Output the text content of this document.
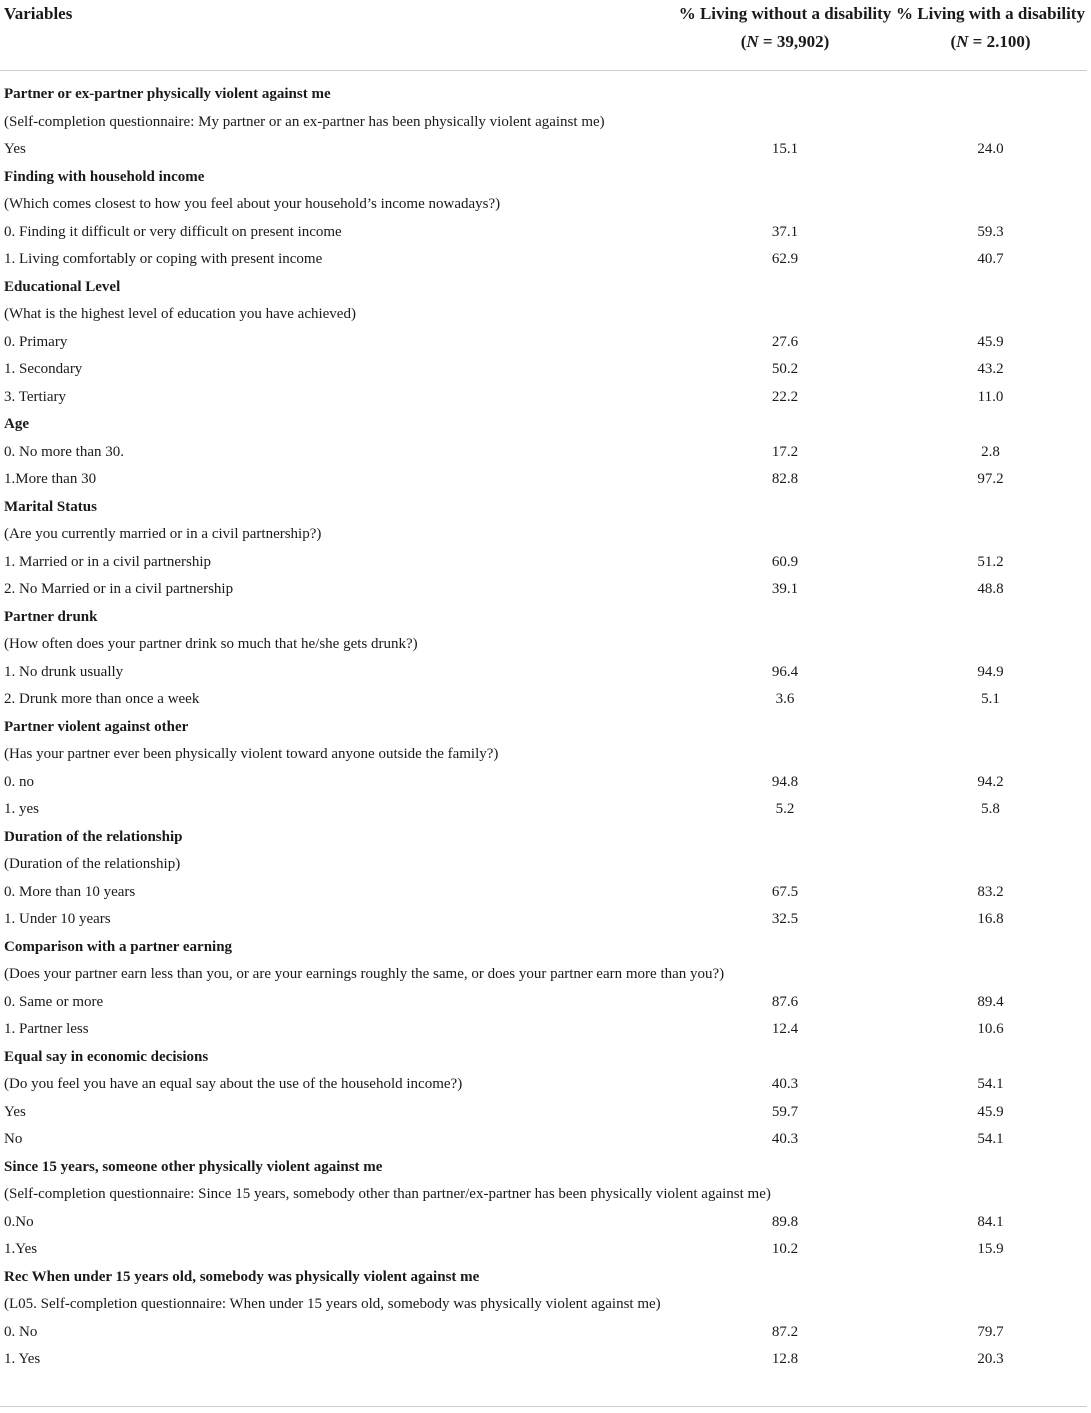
Variables	% Living without a disability (N = 39,902)	% Living with a disability (N = 2.100)
Partner or ex-partner physically violent against me		
(Self-completion questionnaire: My partner or an ex-partner has been physically violent against me)		
Yes	15.1	24.0
Finding with household income		
(Which comes closest to how you feel about your household’s income nowadays?)		
0. Finding it difficult or very difficult on present income	37.1	59.3
1. Living comfortably or coping with present income	62.9	40.7
Educational Level		
(What is the highest level of education you have achieved)		
0. Primary	27.6	45.9
1. Secondary	50.2	43.2
3. Tertiary	22.2	11.0
Age		
0. No more than 30.	17.2	2.8
1.More than 30	82.8	97.2
Marital Status		
(Are you currently married or in a civil partnership?)		
1. Married or in a civil partnership	60.9	51.2
2. No Married or in a civil partnership	39.1	48.8
Partner drunk		
(How often does your partner drink so much that he/she gets drunk?)		
1. No drunk usually	96.4	94.9
2. Drunk more than once a week	3.6	5.1
Partner violent against other		
(Has your partner ever been physically violent toward anyone outside the family?)		
0. no	94.8	94.2
1. yes	5.2	5.8
Duration of the relationship		
(Duration of the relationship)		
0. More than 10 years	67.5	83.2
1. Under 10 years	32.5	16.8
Comparison with a partner earning		
(Does your partner earn less than you, or are your earnings roughly the same, or does your partner earn more than you?)		
0. Same or more	87.6	89.4
1. Partner less	12.4	10.6
Equal say in economic decisions		
(Do you feel you have an equal say about the use of the household income?)	40.3	54.1
Yes	59.7	45.9
No	40.3	54.1
Since 15 years, someone other physically violent against me		
(Self-completion questionnaire: Since 15 years, somebody other than partner/ex-partner has been physically violent against me)		
0.No	89.8	84.1
1.Yes	10.2	15.9
Rec When under 15 years old, somebody was physically violent against me		
(L05. Self-completion questionnaire: When under 15 years old, somebody was physically violent against me)		
0. No	87.2	79.7
1. Yes	12.8	20.3
